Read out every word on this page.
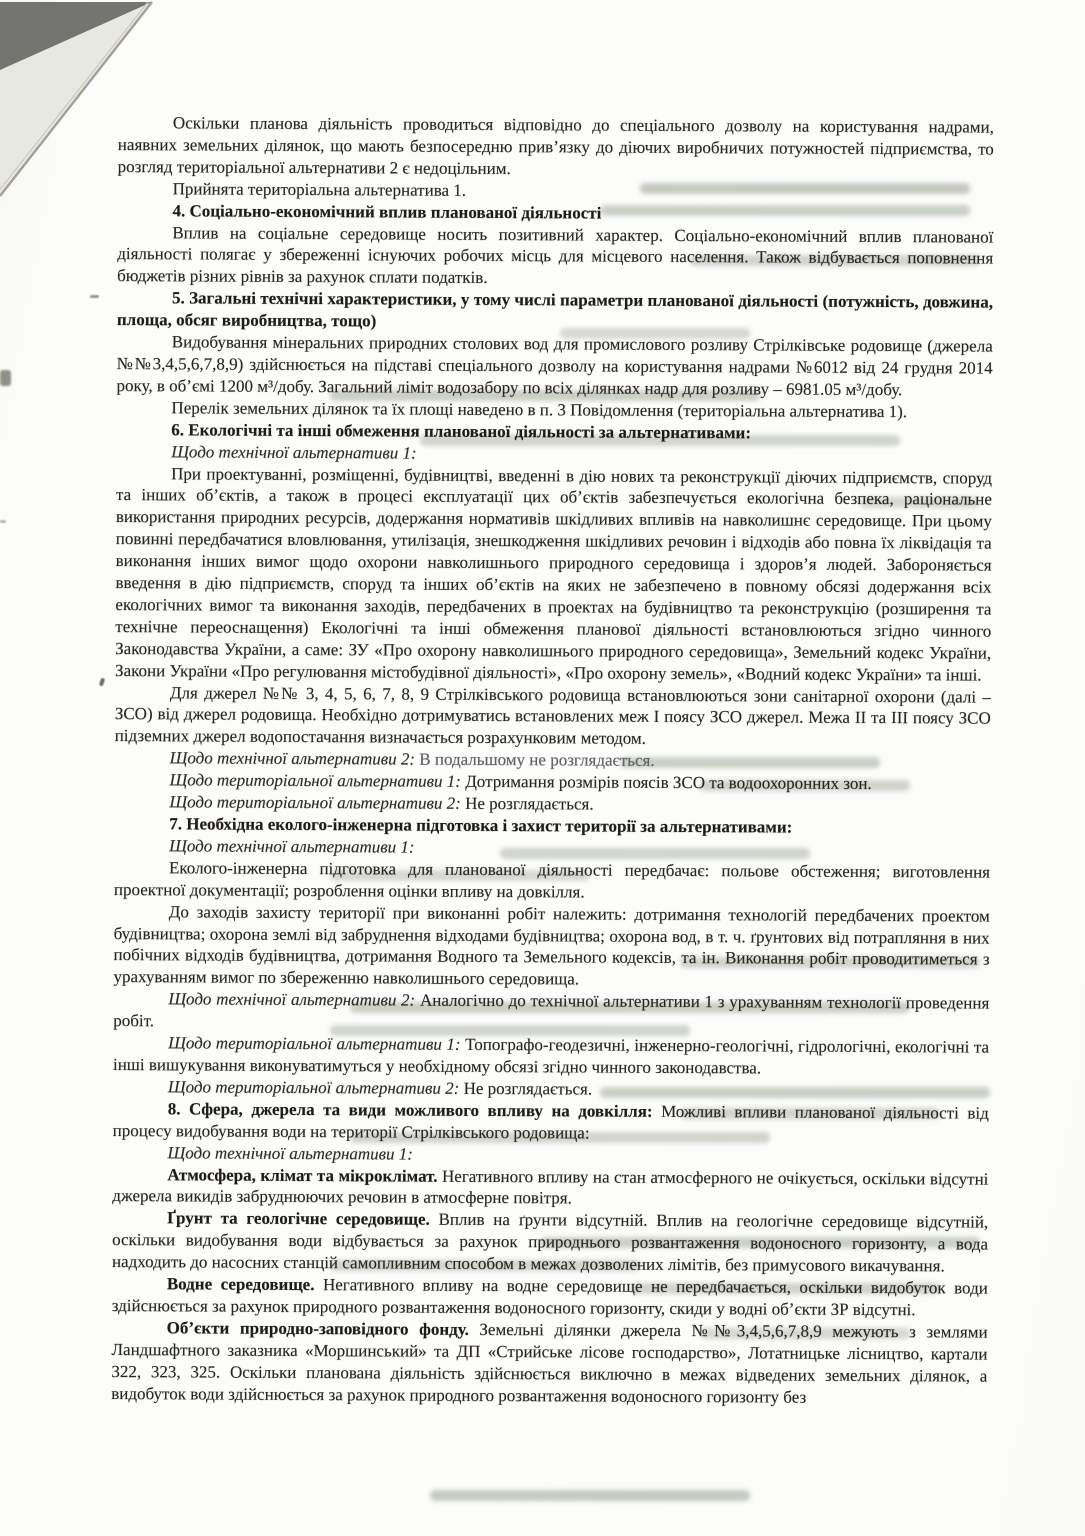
Оскільки планова діяльність проводиться відповідно до спеціального дозволу на користування надрами, наявних земельних ділянок, що мають безпосередню прив’язку до діючих виробничих потужностей підприємства, то розгляд територіальної альтернативи 2 є недоцільним.

Прийнята територіальна альтернатива 1.

4. Соціально-економічний вплив планованої діяльності

Вплив на соціальне середовище носить позитивний характер. Соціально-економічний вплив планованої діяльності полягає у збереженні існуючих робочих місць для місцевого населення. Також відбувається поповнення бюджетів різних рівнів за рахунок сплати податків.

5. Загальні технічні характеристики, у тому числі параметри планованої діяльності (потужність, довжина, площа, обсяг виробництва, тощо)

Видобування мінеральних природних столових вод для промислового розливу Стрілківське родовище (джерела №№3,4,5,6,7,8,9) здійснюється на підставі спеціального дозволу на користування надрами №6012 від 24 грудня 2014 року, в об’ємі 1200 м³/добу. Загальний ліміт водозабору по всіх ділянках надр для розливу – 6981.05 м³/добу.

Перелік земельних ділянок та їх площі наведено в п. 3 Повідомлення (територіальна альтернатива 1).

6. Екологічні та інші обмеження планованої діяльності за альтернативами:

Щодо технічної альтернативи 1:

При проектуванні, розміщенні, будівництві, введенні в дію нових та реконструкції діючих підприємств, споруд та інших об’єктів, а також в процесі експлуатації цих об’єктів забезпечується екологічна безпека, раціональне використання природних ресурсів, додержання нормативів шкідливих впливів на навколишнє середовище. При цьому повинні передбачатися вловлювання, утилізація, знешкодження шкідливих речовин і відходів або повна їх ліквідація та виконання інших вимог щодо охорони навколишнього природного середовища і здоров’я людей. Забороняється введення в дію підприємств, споруд та інших об’єктів на яких не забезпечено в повному обсязі додержання всіх екологічних вимог та виконання заходів, передбачених в проектах на будівництво та реконструкцію (розширення та технічне переоснащення) Екологічні та інші обмеження планової діяльності встановлюються згідно чинного Законодавства України, а саме: ЗУ «Про охорону навколишнього природного середовища», Земельний кодекс України, Закони України «Про регулювання містобудівної діяльності», «Про охорону земель», «Водний кодекс України» та інші.

Для джерел №№ 3, 4, 5, 6, 7, 8, 9 Стрілківського родовища встановлюються зони санітарної охорони (далі – ЗСО) від джерел родовища. Необхідно дотримуватись встановлених меж І поясу ЗСО джерел. Межа ІІ та ІІІ поясу ЗСО підземних джерел водопостачання визначається розрахунковим методом.

Щодо технічної альтернативи 2: В подальшому не розглядається.

Щодо територіальної альтернативи 1: Дотримання розмірів поясів ЗСО та водоохоронних зон.

Щодо територіальної альтернативи 2: Не розглядається.

7. Необхідна еколого-інженерна підготовка і захист території за альтернативами:

Щодо технічної альтернативи 1:

Еколого-інженерна підготовка для планованої діяльності передбачає: польове обстеження; виготовлення проектної документації; розроблення оцінки впливу на довкілля.

До заходів захисту території при виконанні робіт належить: дотримання технологій передбачених проектом будівництва; охорона землі від забруднення відходами будівництва; охорона вод, в т. ч. ґрунтових від потрапляння в них побічних відходів будівництва, дотримання Водного та Земельного кодексів, та ін. Виконання робіт проводитиметься з урахуванням вимог по збереженню навколишнього середовища.

Щодо технічної альтернативи 2: Аналогічно до технічної альтернативи 1 з урахуванням технології проведення робіт.

Щодо територіальної альтернативи 1: Топографо-геодезичні, інженерно-геологічні, гідрологічні, екологічні та інші вишукування виконуватимуться у необхідному обсязі згідно чинного законодавства.

Щодо територіальної альтернативи 2: Не розглядається.

8. Сфера, джерела та види можливого впливу на довкілля: Можливі впливи планованої діяльності від процесу видобування води на території Стрілківського родовища:

Щодо технічної альтернативи 1:

Атмосфера, клімат та мікроклімат. Негативного впливу на стан атмосферного не очікується, оскільки відсутні джерела викидів забруднюючих речовин в атмосферне повітря.

Ґрунт та геологічне середовище. Вплив на ґрунти відсутній. Вплив на геологічне середовище відсутній, оскільки видобування води відбувається за рахунок природнього розвантаження водоносного горизонту, а вода надходить до насосних станцій самопливним способом в межах дозволених лімітів, без примусового викачування.

Водне середовище. Негативного впливу на водне середовище не передбачається, оскільки видобуток води здійснюється за рахунок природного розвантаження водоносного горизонту, скиди у водні об’єкти ЗР відсутні.

Об’єкти природно-заповідного фонду. Земельні ділянки джерела №№3,4,5,6,7,8,9 межують з землями Ландшафтного заказника «Моршинський» та ДП «Стрийське лісове господарство», Лотатницьке лісництво, картали 322, 323, 325. Оскільки планована діяльність здійснюється виключно в межах відведених земельних ділянок, а видобуток води здійснюється за рахунок природного розвантаження водоносного горизонту без
